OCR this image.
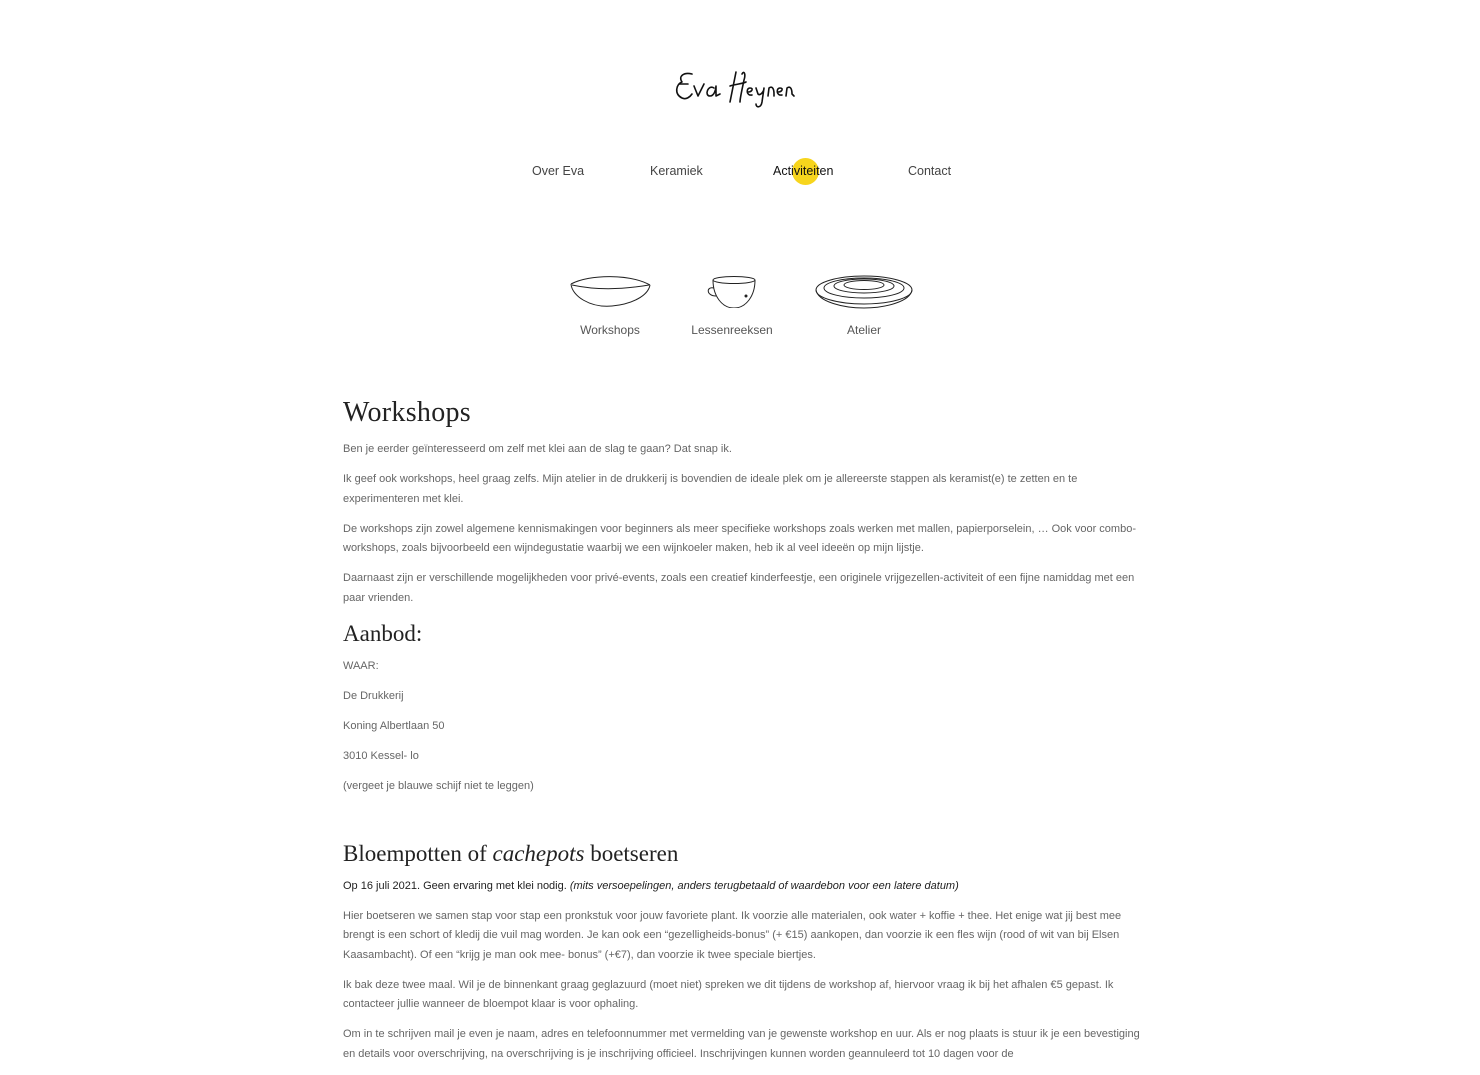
Over Eva	Keramiek	Activiteiten	Contact
Workshops	Lessenreeksen	Atelier
Workshops

Ben je eerder geïnteresseerd om zelf met klei aan de slag te gaan? Dat snap ik.

Ik geef ook workshops, heel graag zelfs. Mijn atelier in de drukkerij is bovendien de ideale plek om je allereerste stappen als keramist(e) te zetten en te experimenteren met klei.

De workshops zijn zowel algemene kennismakingen voor beginners als meer specifieke workshops zoals werken met mallen, papierporselein, … Ook voor combo-workshops, zoals bijvoorbeeld een wijndegustatie waarbij we een wijnkoeler maken, heb ik al veel ideeën op mijn lijstje.

Daarnaast zijn er verschillende mogelijkheden voor privé-events, zoals een creatief kinderfeestje, een originele vrijgezellen-activiteit of een fijne namiddag met een paar vrienden.

Aanbod:

WAAR:

De Drukkerij

Koning Albertlaan 50

3010 Kessel- lo

(vergeet je blauwe schijf niet te leggen)

Bloempotten of cachepots boetseren

Op 16 juli 2021. Geen ervaring met klei nodig. (mits versoepelingen, anders terugbetaald of waardebon voor een latere datum)

Hier boetseren we samen stap voor stap een pronkstuk voor jouw favoriete plant. Ik voorzie alle materialen, ook water + koffie + thee. Het enige wat jij best mee brengt is een schort of kledij die vuil mag worden. Je kan ook een “gezelligheids-bonus” (+ €15) aankopen, dan voorzie ik een fles wijn (rood of wit van bij Elsen Kaasambacht). Of een “krijg je man ook mee- bonus” (+€7), dan voorzie ik twee speciale biertjes.

Ik bak deze twee maal. Wil je de binnenkant graag geglazuurd (moet niet) spreken we dit tijdens de workshop af, hiervoor vraag ik bij het afhalen €5 gepast. Ik contacteer jullie wanneer de bloempot klaar is voor ophaling.

Om in te schrijven mail je even je naam, adres en telefoonnummer met vermelding van je gewenste workshop en uur. Als er nog plaats is stuur ik je een bevestiging en details voor overschrijving, na overschrijving is je inschrijving officieel. Inschrijvingen kunnen worden geannuleerd tot 10 dagen voor de
